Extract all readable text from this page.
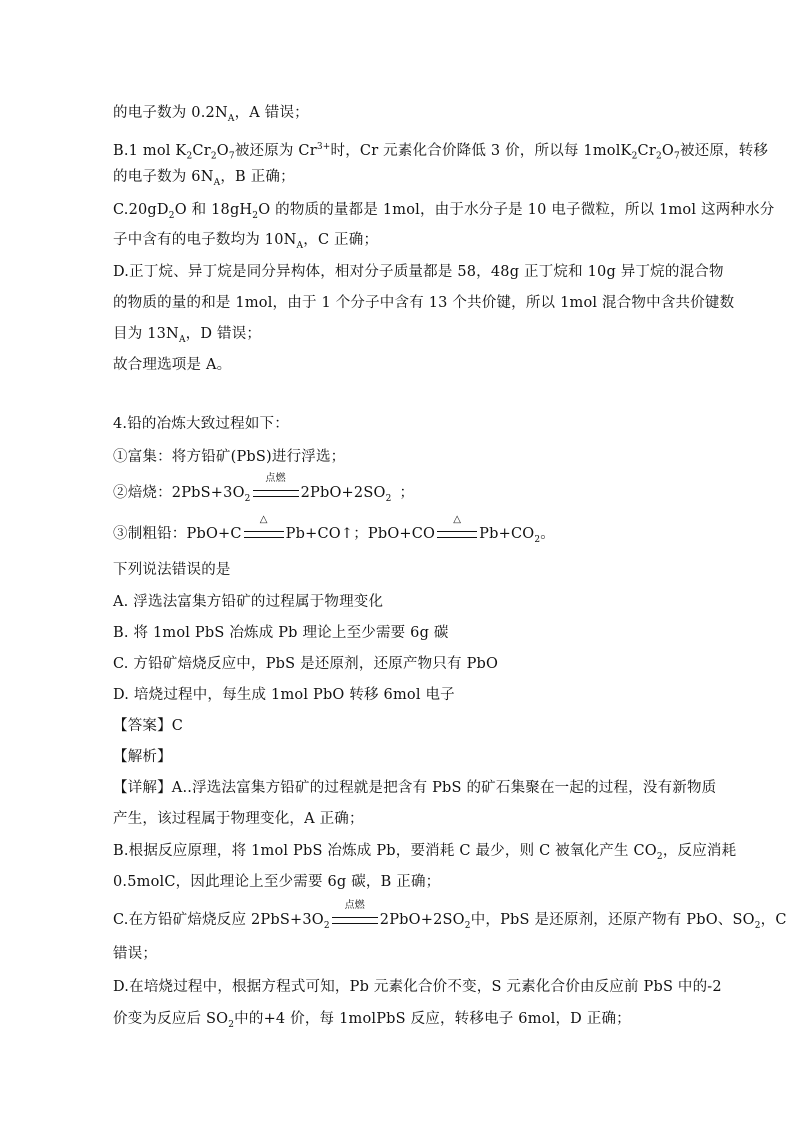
的电子数为 $0.2N_A$，A 错误；
B.1 mol $K_2Cr_2O_7$被还原为 $Cr^{3+}$时，Cr 元素化合价降低 3 价，所以每 $1molK_2Cr_2O_7$被还原，转移
的电子数为 $6N_A$，B 正确；
$C.20gD_2O$ 和 $18gH_2O$ 的物质的量都是 1mol，由于水分子是 10 电子微粒，所以 1mol 这两种水分
子中含有的电子数均为 $10N_A$，C 正确；
D.正丁烷、异丁烷是同分异构体，相对分子质量都是 58，48g 正丁烷和 10g 异丁烷的混合物
的物质的量的和是 1mol，由于 1 个分子中含有 13 个共价键，所以 1mol 混合物中含共价键数
目为 $13N_A$，D 错误；
故合理选项是 A。
4.铅的冶炼大致过程如下：
①富集：将方铅矿(PbS)进行浮选；
②焙烧：$2PbS+3O_2$
点燃
$2PbO+2SO_2$ ；
③制粗铅：PbO+C
△
Pb+CO↑；PbO+CO
△
$Pb+CO_2$。
下列说法错误的是
A. 浮选法富集方铅矿的过程属于物理变化
B. 将 1mol PbS 冶炼成 Pb 理论上至少需要 6g 碳
C. 方铅矿焙烧反应中，PbS 是还原剂，还原产物只有 PbO
D. 培烧过程中，每生成 1mol PbO 转移 6mol 电子
【答案】C
【解析】
【详解】A..浮选法富集方铅矿的过程就是把含有 PbS 的矿石集聚在一起的过程，没有新物质
产生，该过程属于物理变化，A 正确；
B.根据反应原理，将 1mol PbS 冶炼成 Pb，要消耗 C 最少，则 C 被氧化产生 $CO_2$，反应消耗
0.5molC，因此理论上至少需要 6g 碳，B 正确；
C.在方铅矿焙烧反应 $2PbS+3O_2$
点燃
$2PbO+2SO_2$中，PbS 是还原剂，还原产物有 PbO、$SO_2$，C
错误；
D.在培烧过程中，根据方程式可知，Pb 元素化合价不变，S 元素化合价由反应前 PbS 中的-2
价变为反应后 $SO_2$中的+4 价，每 1molPbS 反应，转移电子 6mol，D 正确；
